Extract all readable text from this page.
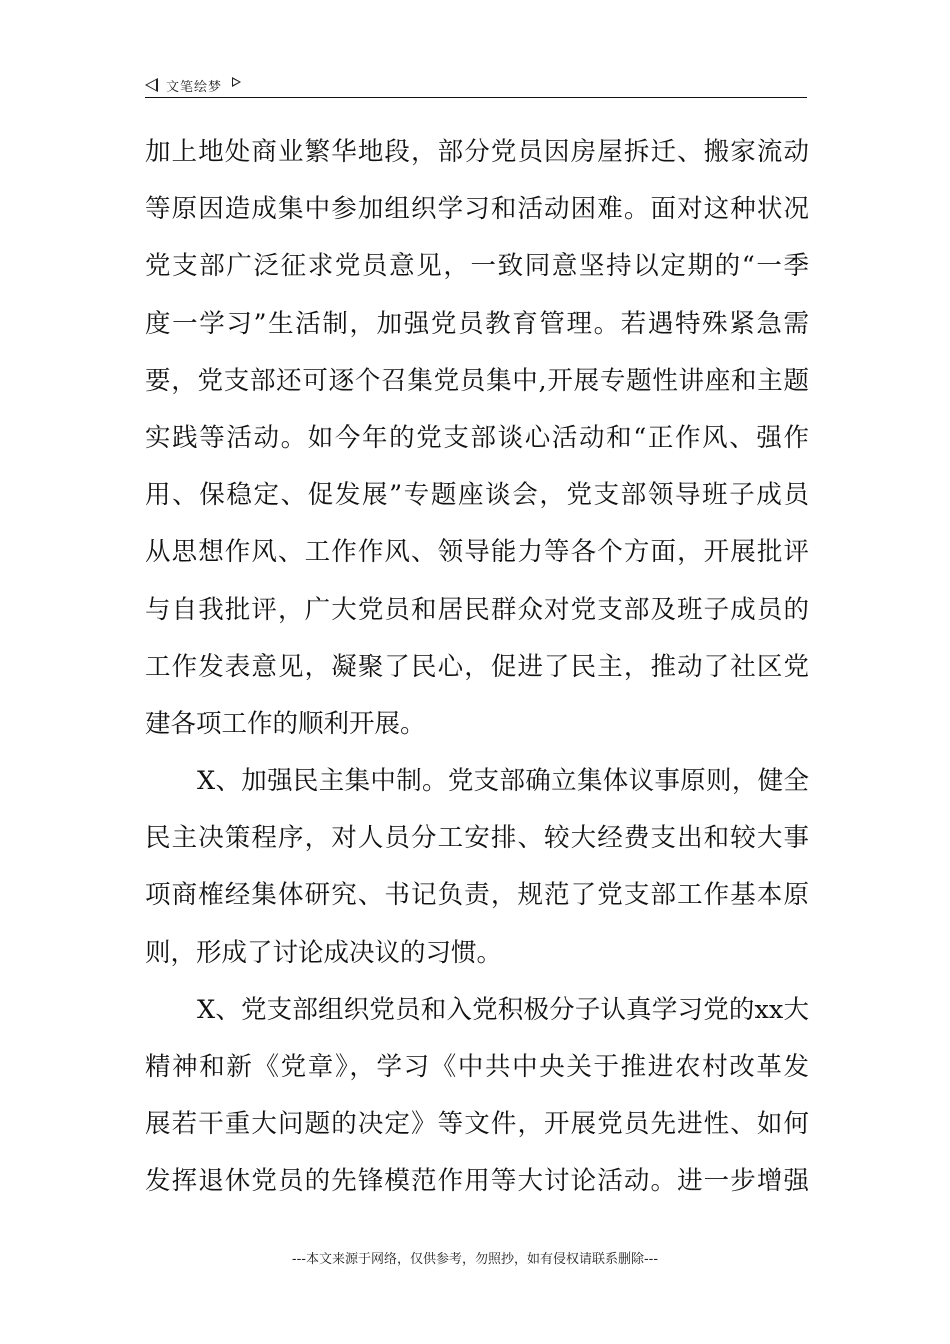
文笔绘梦
加上地处商业繁华地段，部分党员因房屋拆迁、搬家流动
等原因造成集中参加组织学习和活动困难。面对这种状况
党支部广泛征求党员意见，一致同意坚持以定期的“一季
度一学习”生活制，加强党员教育管理。若遇特殊紧急需
要，党支部还可逐个召集党员集中,开展专题性讲座和主题
实践等活动。如今年的党支部谈心活动和“正作风、强作
用、保稳定、促发展”专题座谈会，党支部领导班子成员
从思想作风、工作作风、领导能力等各个方面，开展批评
与自我批评，广大党员和居民群众对党支部及班子成员的
工作发表意见，凝聚了民心，促进了民主，推动了社区党
建各项工作的顺利开展。
X、加强民主集中制。党支部确立集体议事原则，健全
民主决策程序，对人员分工安排、较大经费支出和较大事
项商榷经集体研究、书记负责，规范了党支部工作基本原
则，形成了讨论成决议的习惯。
X、党支部组织党员和入党积极分子认真学习党的xx大
精神和新《党章》，学习《中共中央关于推进农村改革发
展若干重大问题的决定》等文件，开展党员先进性、如何
发挥退休党员的先锋模范作用等大讨论活动。进一步增强
---本文来源于网络，仅供参考，勿照抄，如有侵权请联系删除---
